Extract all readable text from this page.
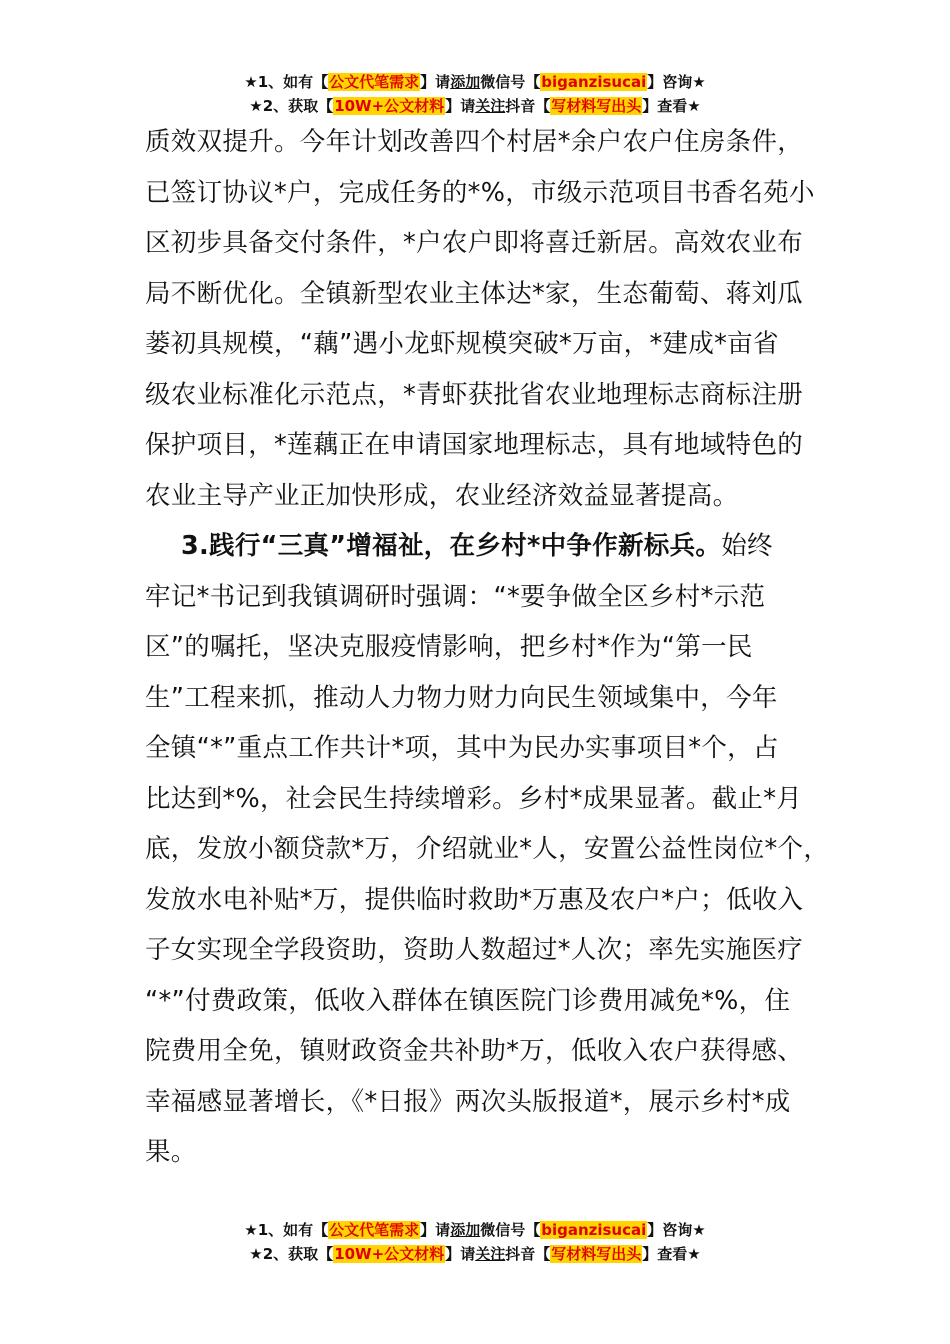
★1、如有【公文代笔需求】请添加微信号【biganzisucai】咨询★
★2、获取【10W+公文材料】请关注抖音【写材料写出头】查看★
质效双提升。今年计划改善四个村居*余户农户住房条件，
已签订协议*户，完成任务的*%，市级示范项目书香名苑小
区初步具备交付条件，*户农户即将喜迁新居。高效农业布
局不断优化。全镇新型农业主体达*家，生态葡萄、蒋刘瓜
蒌初具规模，“藕”遇小龙虾规模突破*万亩，*建成*亩省
级农业标准化示范点，*青虾获批省农业地理标志商标注册
保护项目，*莲藕正在申请国家地理标志，具有地域特色的
农业主导产业正加快形成，农业经济效益显著提高。
3.践行“三真”增福祉，在乡村*中争作新标兵。始终
牢记*书记到我镇调研时强调：“*要争做全区乡村*示范
区”的嘱托，坚决克服疫情影响，把乡村*作为“第一民
生”工程来抓，推动人力物力财力向民生领域集中，今年
全镇“*”重点工作共计*项，其中为民办实事项目*个，占
比达到*%，社会民生持续增彩。乡村*成果显著。截止*月
底，发放小额贷款*万，介绍就业*人，安置公益性岗位*个，
发放水电补贴*万，提供临时救助*万惠及农户*户；低收入
子女实现全学段资助，资助人数超过*人次；率先实施医疗
“*”付费政策，低收入群体在镇医院门诊费用减免*%，住
院费用全免，镇财政资金共补助*万，低收入农户获得感、
幸福感显著增长，《*日报》两次头版报道*，展示乡村*成
果。
★1、如有【公文代笔需求】请添加微信号【biganzisucai】咨询★
★2、获取【10W+公文材料】请关注抖音【写材料写出头】查看★
